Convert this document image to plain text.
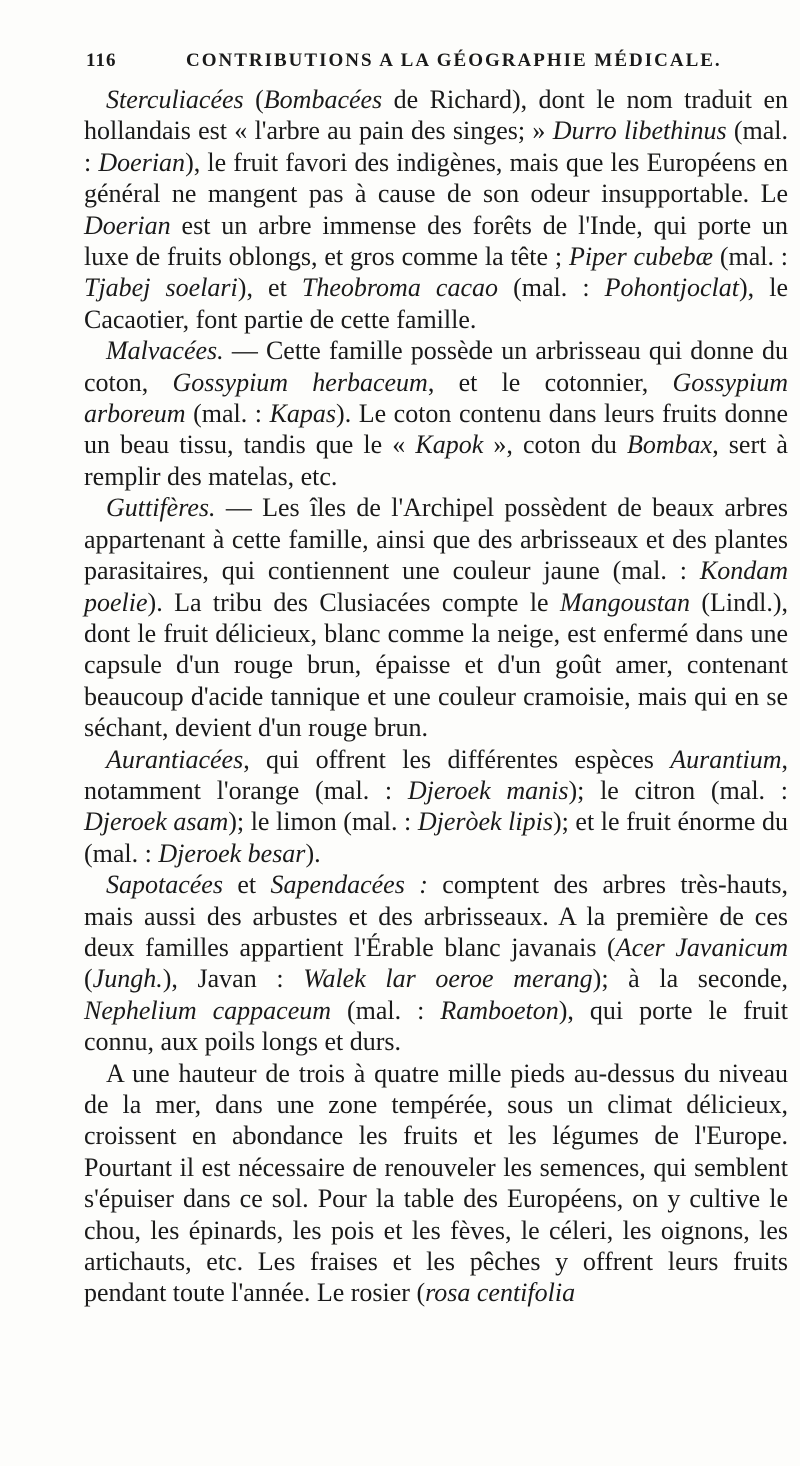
116	CONTRIBUTIONS A LA GÉOGRAPHIE MÉDICALE.

Sterculiacées (Bombacées de Richard), dont le nom traduit en hollandais est « l'arbre au pain des singes; » Durro libethinus (mal. : Doerian), le fruit favori des indigènes, mais que les Européens en général ne mangent pas à cause de son odeur insupportable. Le Doerian est un arbre immense des forêts de l'Inde, qui porte un luxe de fruits oblongs, et gros comme la tête ; Piper cubebæ (mal. : Tjabej soelari), et Theobroma cacao (mal. : Pohontjoclat), le Cacaotier, font partie de cette famille.

Malvacées. — Cette famille possède un arbrisseau qui donne du coton, Gossypium herbaceum, et le cotonnier, Gossypium arboreum (mal. : Kapas). Le coton contenu dans leurs fruits donne un beau tissu, tandis que le « Kapok », coton du Bombax, sert à remplir des matelas, etc.

Guttifères. — Les îles de l'Archipel possèdent de beaux arbres appartenant à cette famille, ainsi que des arbrisseaux et des plantes parasitaires, qui contiennent une couleur jaune (mal. : Kondam poelie). La tribu des Clusiacées compte le Mangoustan (Lindl.), dont le fruit délicieux, blanc comme la neige, est enfermé dans une capsule d'un rouge brun, épaisse et d'un goût amer, contenant beaucoup d'acide tannique et une couleur cramoisie, mais qui en se séchant, devient d'un rouge brun.

Aurantiacées, qui offrent les différentes espèces Aurantium, notamment l'orange (mal. : Djeroek manis); le citron (mal. : Djeroek asam); le limon (mal. : Djeròek lipis); et le fruit énorme du (mal. : Djeroek besar).

Sapotacées et Sapendacées : comptent des arbres très-hauts, mais aussi des arbustes et des arbrisseaux. A la première de ces deux familles appartient l'Érable blanc javanais (Acer Javanicum (Jungh.), Javan : Walek lar oeroe merang); à la seconde, Nephelium cappaceum (mal. : Ramboeton), qui porte le fruit connu, aux poils longs et durs.

A une hauteur de trois à quatre mille pieds au-dessus du niveau de la mer, dans une zone tempérée, sous un climat délicieux, croissent en abondance les fruits et les légumes de l'Europe. Pourtant il est nécessaire de renouveler les semences, qui semblent s'épuiser dans ce sol. Pour la table des Européens, on y cultive le chou, les épinards, les pois et les fèves, le céleri, les oignons, les artichauts, etc. Les fraises et les pêches y offrent leurs fruits pendant toute l'année. Le rosier (rosa centifolia
